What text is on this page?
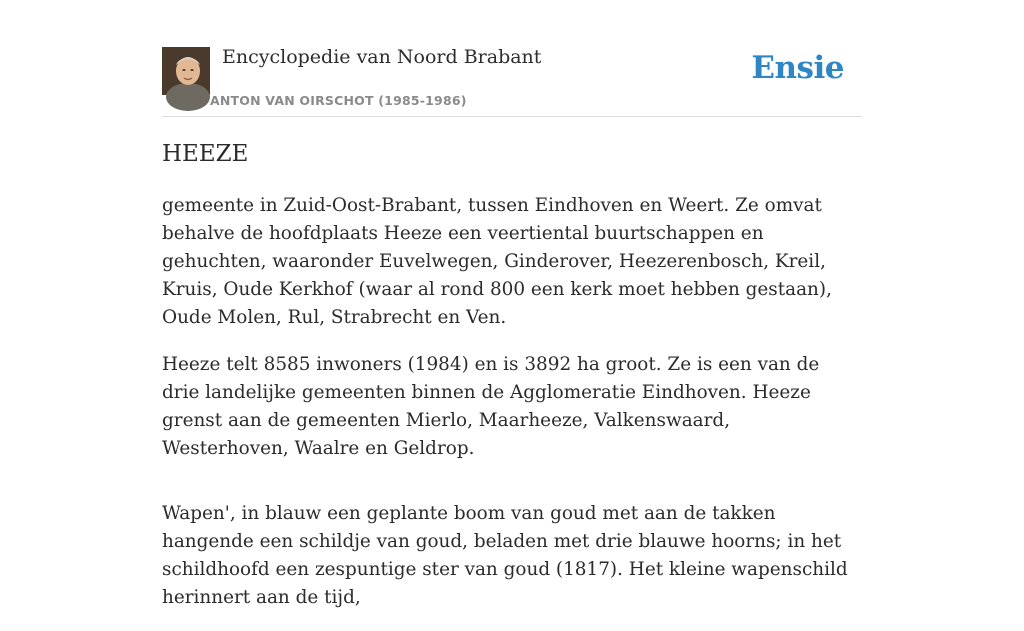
Encyclopedie van Noord Brabant
ANTON VAN OIRSCHOT (1985-1986)
Ensie
HEEZE

gemeente in Zuid-Oost-Brabant, tussen Eindhoven en Weert. Ze omvat behalve de hoofdplaats Heeze een veertiental buurtschappen en gehuchten, waaronder Euvelwegen, Ginderover, Heezerenbosch, Kreil, Kruis, Oude Kerkhof (waar al rond 800 een kerk moet hebben gestaan), Oude Molen, Rul, Strabrecht en Ven.

Heeze telt 8585 inwoners (1984) en is 3892 ha groot. Ze is een van de drie landelijke gemeenten binnen de Agglomeratie Eindhoven. Heeze grenst aan de gemeenten Mierlo, Maarheeze, Valkenswaard, Westerhoven, Waalre en Geldrop.

Wapen', in blauw een geplante boom van goud met aan de takken hangende een schildje van goud, beladen met drie blauwe hoorns; in het schildhoofd een zespuntige ster van goud (1817). Het kleine wapenschild herinnert aan de tijd,
